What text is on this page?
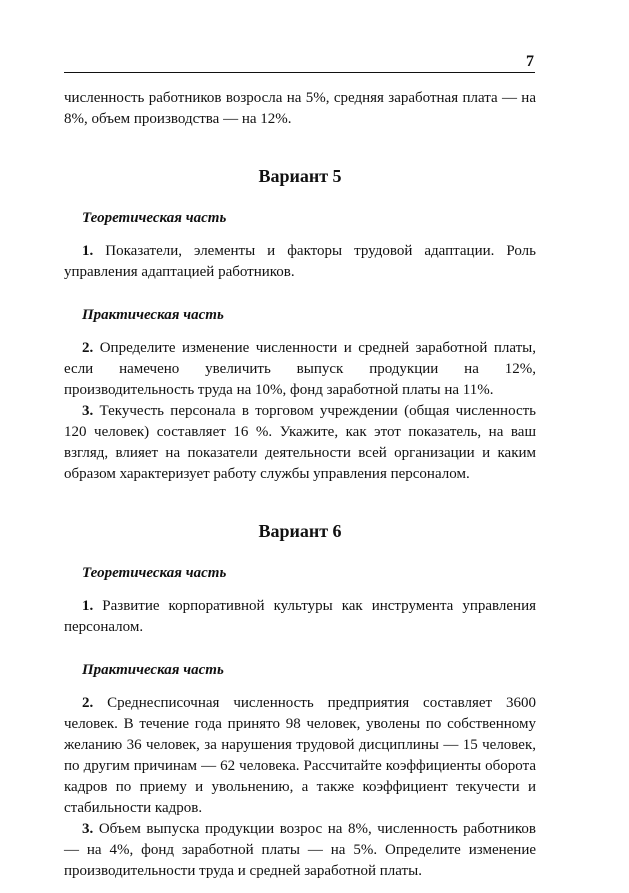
7

численность работников возросла на 5%, средняя заработная плата — на 8%, объем производства — на 12%.

Вариант 5
Теоретическая часть

1. Показатели, элементы и факторы трудовой адаптации. Роль управления адаптацией работников.

Практическая часть

2. Определите изменение численности и средней заработной платы, если намечено увеличить выпуск продукции на 12%, производительность труда на 10%, фонд заработной платы на 11%.

3. Текучесть персонала в торговом учреждении (общая численность 120 человек) составляет 16 %. Укажите, как этот показатель, на ваш взгляд, влияет на показатели деятельности всей организации и каким образом характеризует работу службы управления персоналом.

Вариант 6
Теоретическая часть

1. Развитие корпоративной культуры как инструмента управления персоналом.

Практическая часть

2. Среднесписочная численность предприятия составляет 3600 человек. В течение года принято 98 человек, уволены по собственному желанию 36 человек, за нарушения трудовой дисциплины — 15 человек, по другим причинам — 62 человека. Рассчитайте коэффициенты оборота кадров по приему и увольнению, а также коэффициент текучести и стабильности кадров.

3. Объем выпуска продукции возрос на 8%, численность работников — на 4%, фонд заработной платы — на 5%. Определите изменение производительности труда и средней заработной платы.
